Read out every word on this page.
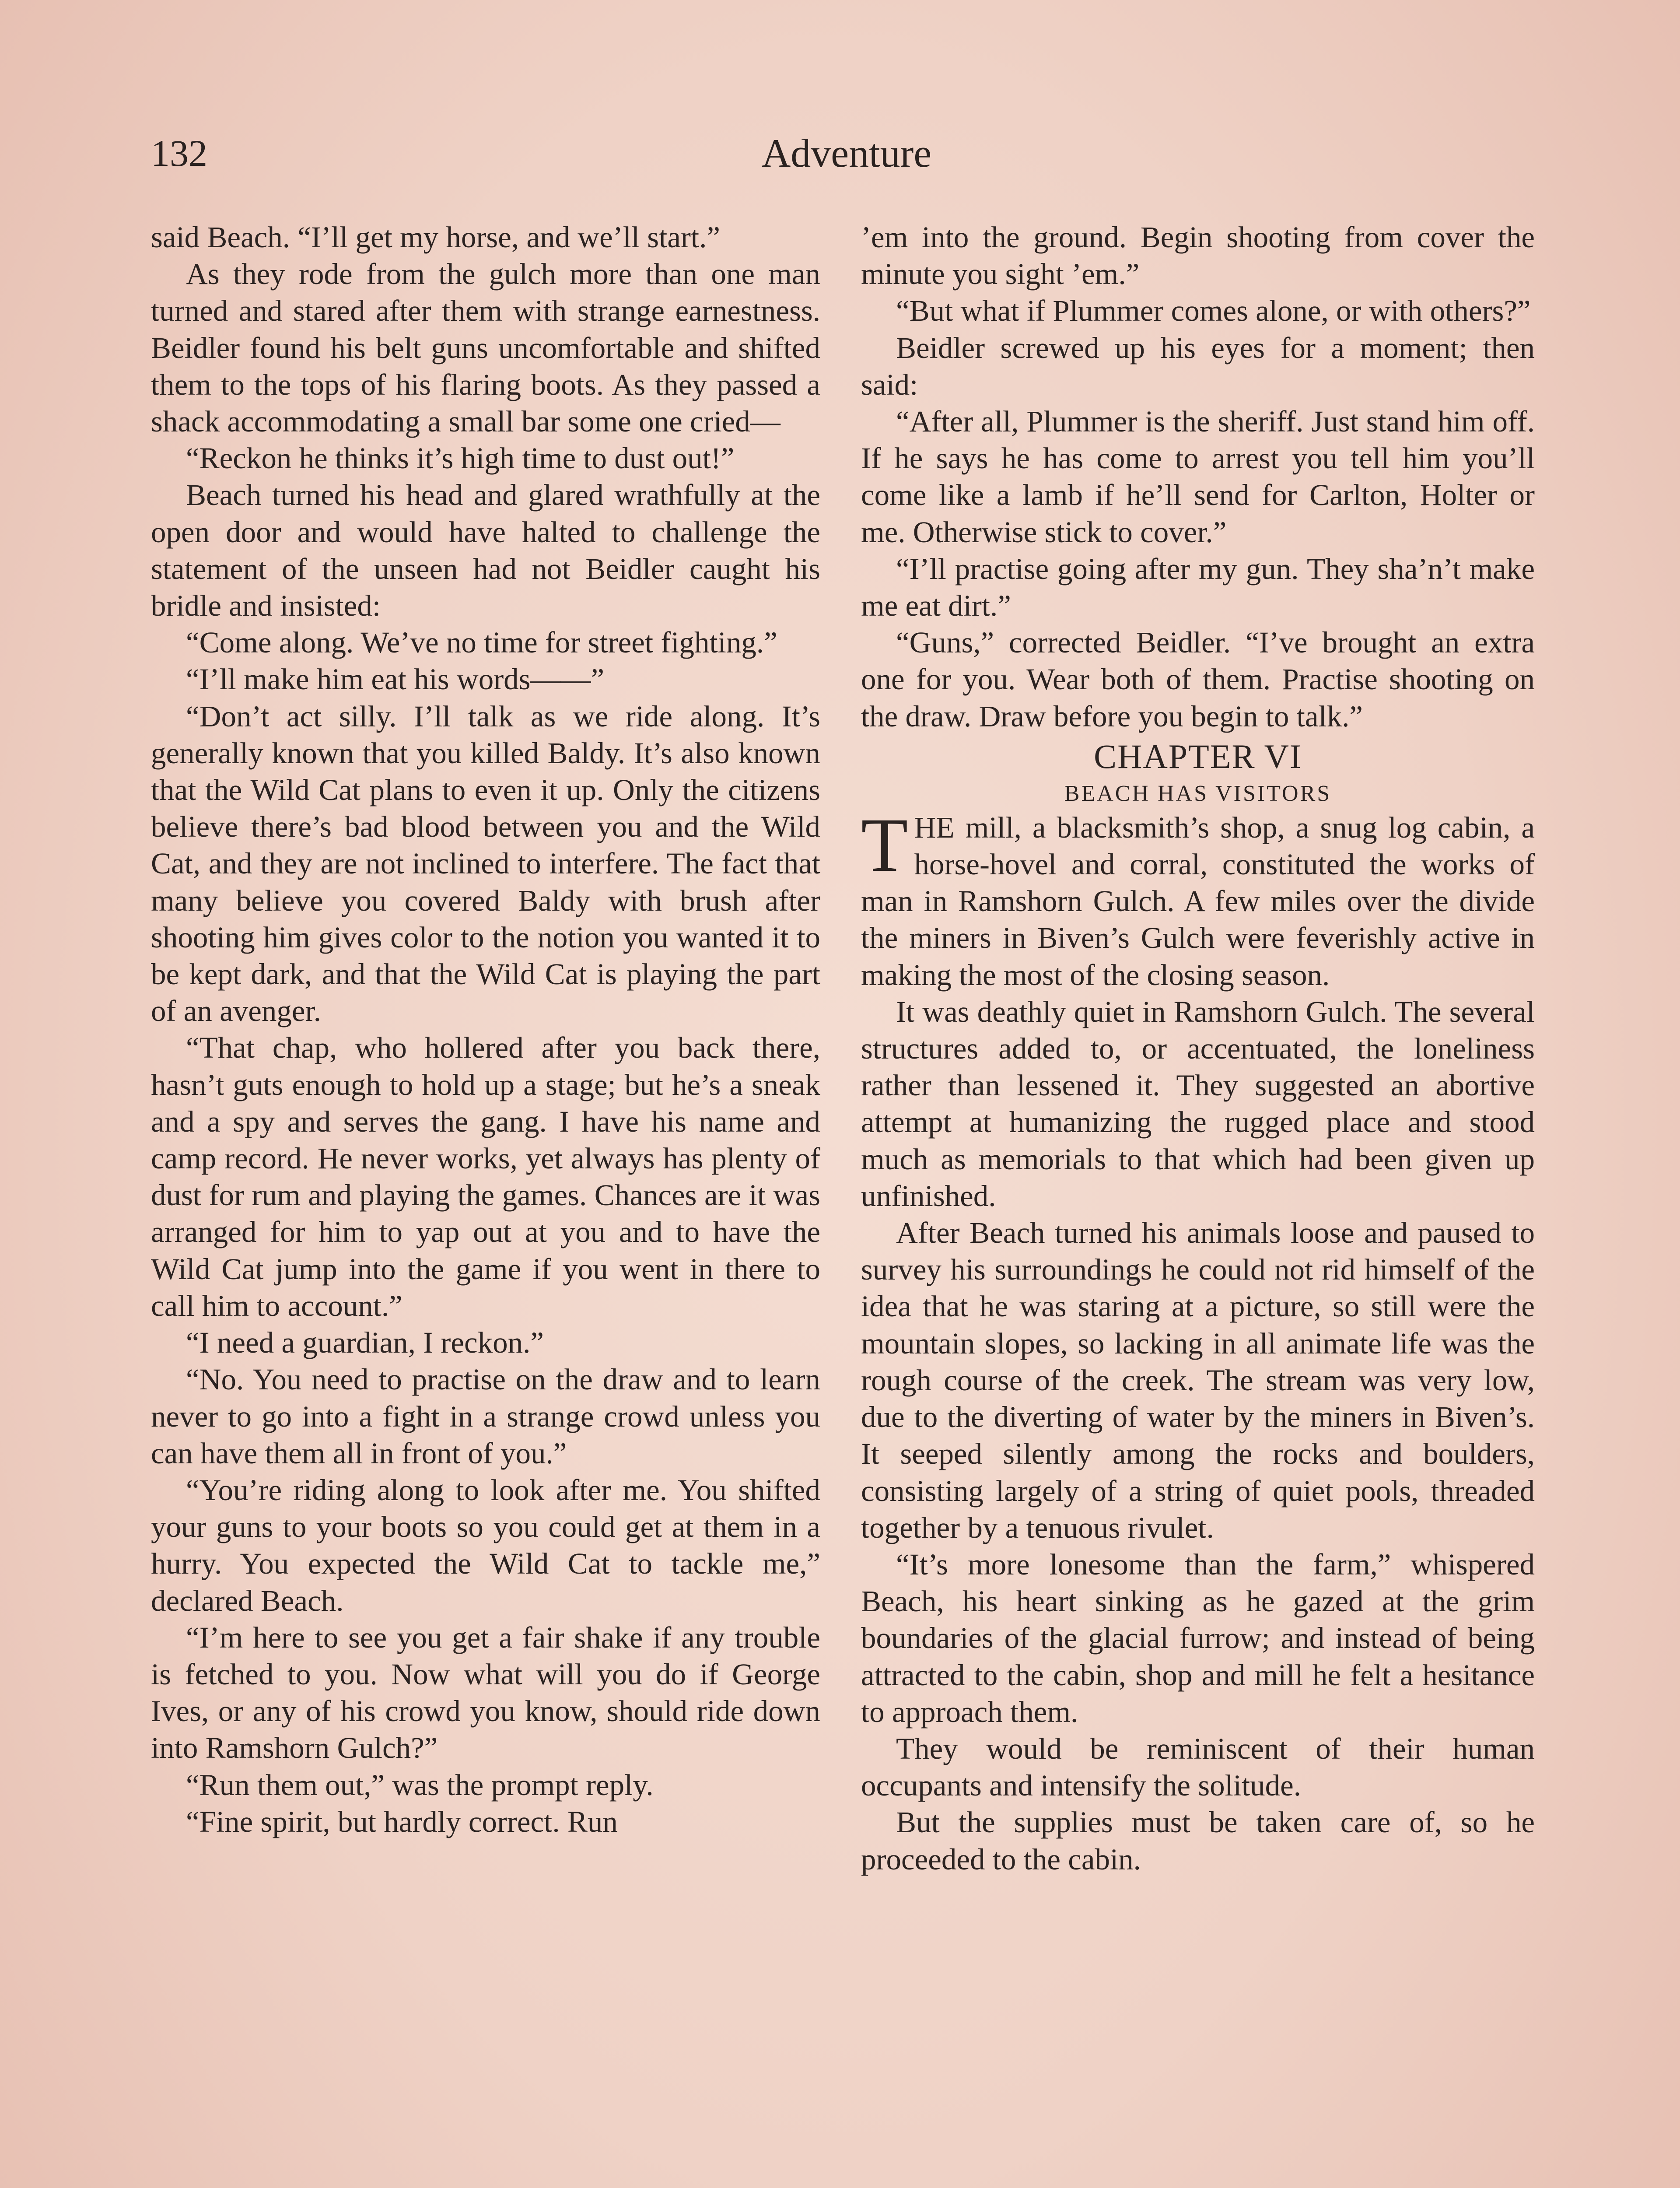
132	Adventure

said Beach. “I’ll get my horse, and we’ll start.”

As they rode from the gulch more than one man turned and stared after them with strange earnestness. Beidler found his belt guns uncomfortable and shifted them to the tops of his flaring boots. As they passed a shack accommodating a small bar some one cried—

“Reckon he thinks it’s high time to dust out!”

Beach turned his head and glared wrathfully at the open door and would have halted to challenge the statement of the unseen had not Beidler caught his bridle and insisted:

“Come along. We’ve no time for street fighting.”

“I’ll make him eat his words——”

“Don’t act silly. I’ll talk as we ride along. It’s generally known that you killed Baldy. It’s also known that the Wild Cat plans to even it up. Only the citizens believe there’s bad blood between you and the Wild Cat, and they are not inclined to interfere. The fact that many believe you covered Baldy with brush after shooting him gives color to the notion you wanted it to be kept dark, and that the Wild Cat is playing the part of an avenger.

“That chap, who hollered after you back there, hasn’t guts enough to hold up a stage; but he’s a sneak and a spy and serves the gang. I have his name and camp record. He never works, yet always has plenty of dust for rum and playing the games. Chances are it was arranged for him to yap out at you and to have the Wild Cat jump into the game if you went in there to call him to account.”

“I need a guardian, I reckon.”

“No. You need to practise on the draw and to learn never to go into a fight in a strange crowd unless you can have them all in front of you.”

“You’re riding along to look after me. You shifted your guns to your boots so you could get at them in a hurry. You expected the Wild Cat to tackle me,” declared Beach.

“I’m here to see you get a fair shake if any trouble is fetched to you. Now what will you do if George Ives, or any of his crowd you know, should ride down into Ramshorn Gulch?”

“Run them out,” was the prompt reply.

“Fine spirit, but hardly correct. Run

’em into the ground. Begin shooting from cover the minute you sight ’em.”

“But what if Plummer comes alone, or with others?”

Beidler screwed up his eyes for a moment; then said:

“After all, Plummer is the sheriff. Just stand him off. If he says he has come to arrest you tell him you’ll come like a lamb if he’ll send for Carlton, Holter or me. Otherwise stick to cover.”

“I’ll practise going after my gun. They sha’n’t make me eat dirt.”

“Guns,” corrected Beidler. “I’ve brought an extra one for you. Wear both of them. Practise shooting on the draw. Draw before you begin to talk.”

CHAPTER VI

BEACH HAS VISITORS

THE mill, a blacksmith’s shop, a snug log cabin, a horse-hovel and corral, constituted the works of man in Ramshorn Gulch. A few miles over the divide the miners in Biven’s Gulch were feverishly active in making the most of the closing season.

It was deathly quiet in Ramshorn Gulch. The several structures added to, or accentuated, the loneliness rather than lessened it. They suggested an abortive attempt at humanizing the rugged place and stood much as memorials to that which had been given up unfinished.

After Beach turned his animals loose and paused to survey his surroundings he could not rid himself of the idea that he was staring at a picture, so still were the mountain slopes, so lacking in all animate life was the rough course of the creek. The stream was very low, due to the diverting of water by the miners in Biven’s. It seeped silently among the rocks and boulders, consisting largely of a string of quiet pools, threaded together by a tenuous rivulet.

“It’s more lonesome than the farm,” whispered Beach, his heart sinking as he gazed at the grim boundaries of the glacial furrow; and instead of being attracted to the cabin, shop and mill he felt a hesitance to approach them.

They would be reminiscent of their human occupants and intensify the solitude.

But the supplies must be taken care of, so he proceeded to the cabin.
